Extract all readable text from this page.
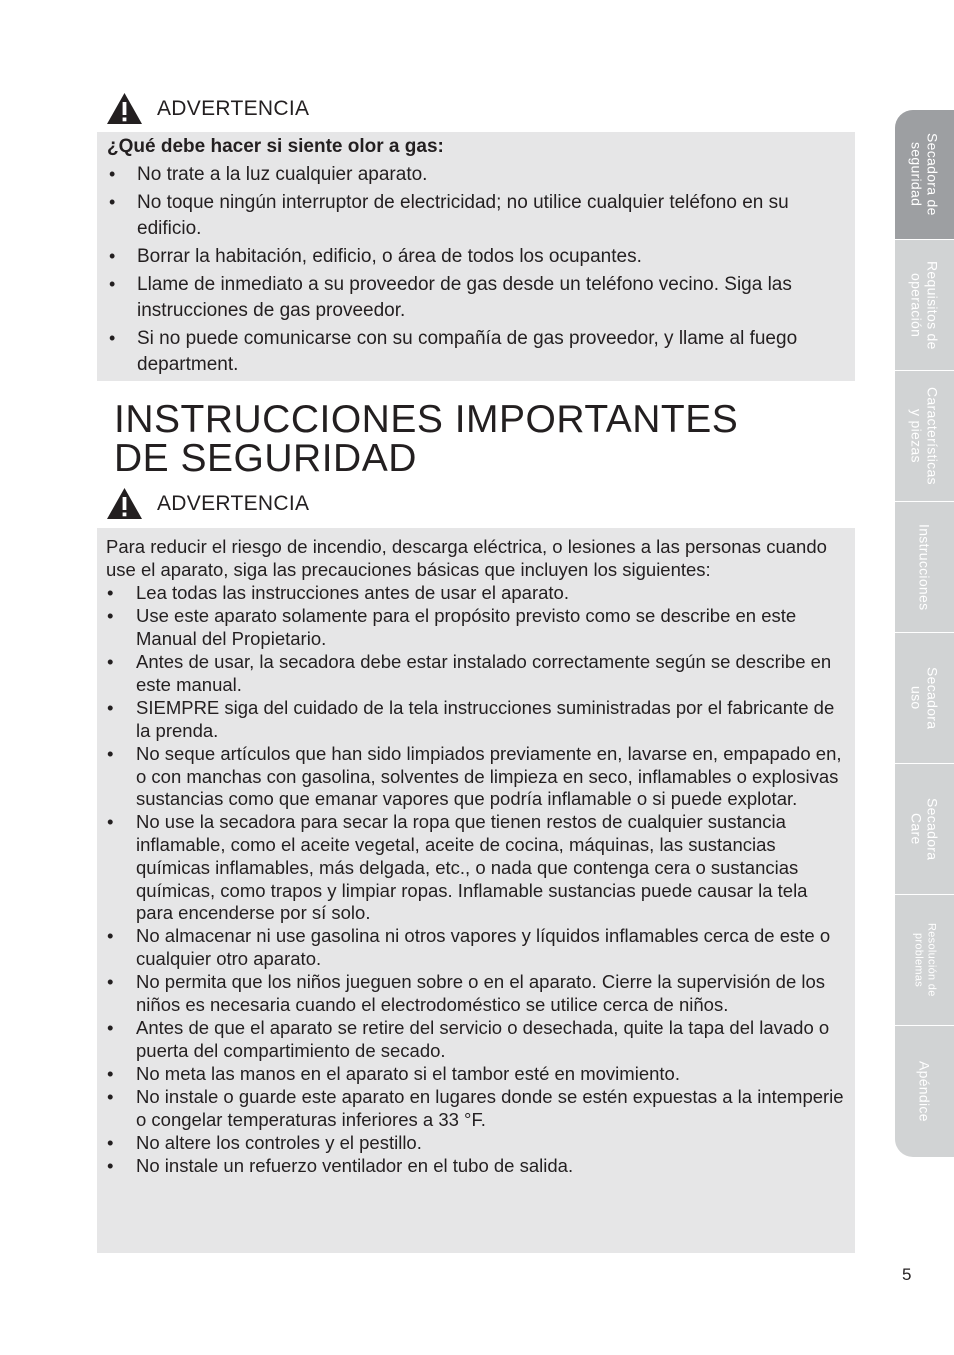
ADVERTENCIA
¿Qué debe hacer si siente olor a gas:
• No trate a la luz cualquier aparato.
• No toque ningún interruptor de electricidad; no utilice cualquier teléfono en su edificio.
• Borrar la habitación, edificio, o área de todos los ocupantes.
• Llame de inmediato a su proveedor de gas desde un teléfono vecino. Siga las instrucciones de gas proveedor.
• Si no puede comunicarse con su compañía de gas proveedor, y llame al fuego department.
INSTRUCCIONES IMPORTANTES
DE SEGURIDAD
ADVERTENCIA

Para reducir el riesgo de incendio, descarga eléctrica, o lesiones a las personas cuando use el aparato, siga las precauciones básicas que incluyen los siguientes:

• Lea todas las instrucciones antes de usar el aparato.
• Use este aparato solamente para el propósito previsto como se describe en este Manual del Propietario.
• Antes de usar, la secadora debe estar instalado correctamente según se describe en este manual.
• SIEMPRE siga del cuidado de la tela instrucciones suministradas por el fabricante de la prenda.
• No seque artículos que han sido limpiados previamente en, lavarse en, empapado en, o con manchas con gasolina, solventes de limpieza en seco, inflamables o explosivas sustancias como que emanar vapores que podría inflamable o si puede explotar.
• No use la secadora para secar la ropa que tienen restos de cualquier sustancia inflamable, como el aceite vegetal, aceite de cocina, máquinas, las sustancias químicas inflamables, más delgada, etc., o nada que contenga cera o sustancias químicas, como trapos y limpiar ropas. Inflamable sustancias puede causar la tela para encenderse por sí solo.
• No almacenar ni use gasolina ni otros vapores y líquidos inflamables cerca de este o cualquier otro aparato.
• No permita que los niños jueguen sobre o en el aparato. Cierre la supervisión de los niños es necesaria cuando el electrodoméstico se utilice cerca de niños.
• Antes de que el aparato se retire del servicio o desechada, quite la tapa del lavado o puerta del compartimiento de secado.
• No meta las manos en el aparato si el tambor esté en movimiento.
• No instale o guarde este aparato en lugares donde se estén expuestas a la intemperie o congelar temperaturas inferiores a 33 °F.
• No altere los controles y el pestillo.
• No instale un refuerzo ventilador en el tubo de salida.
Secadora de
seguridad
Requisitos de
operación
Características
y piezas
Instrucciones
Secadora
uso
Secadora
Care
Resolución de
problemas
Apéndice
5
